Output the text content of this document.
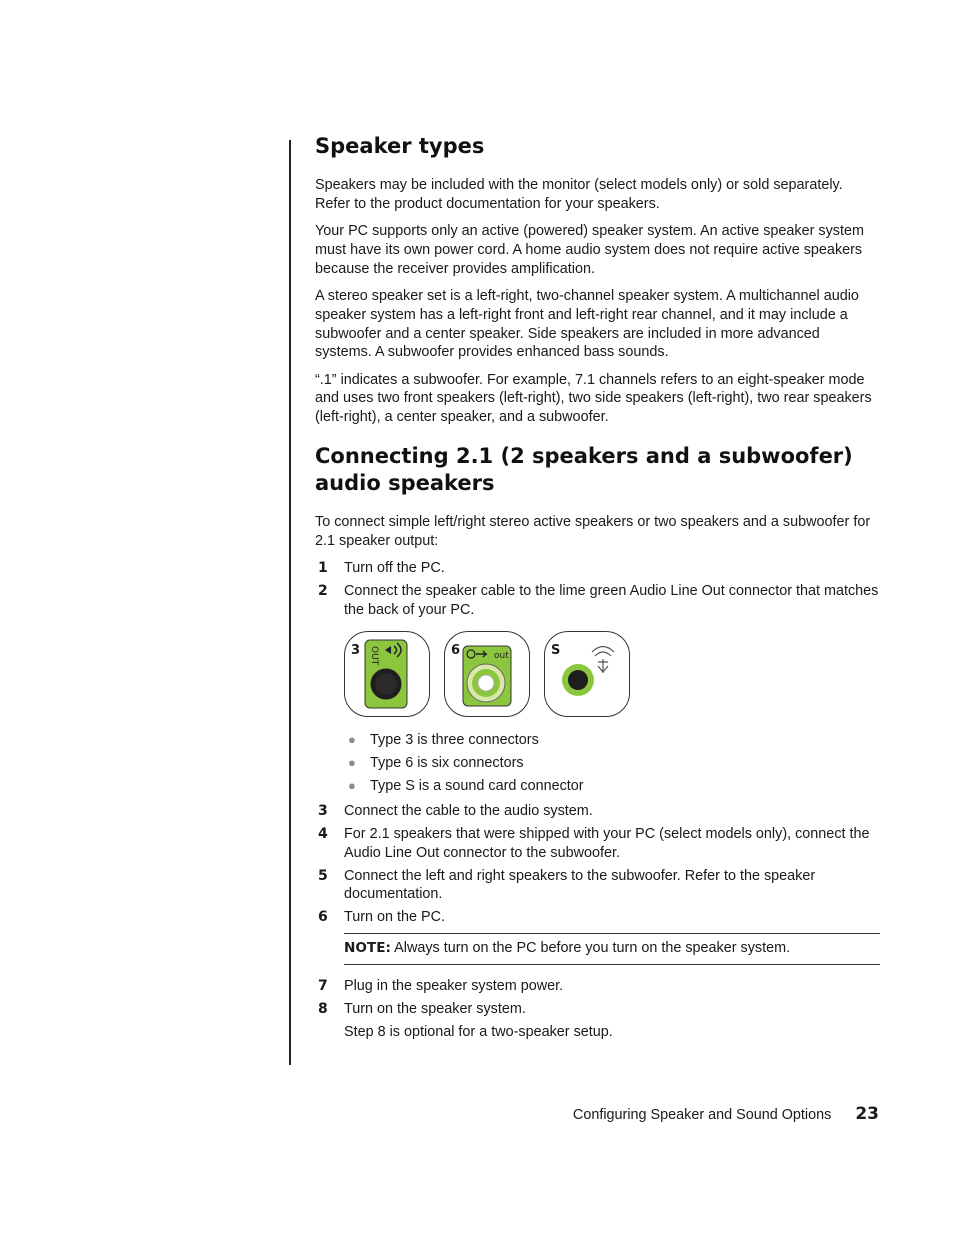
Speaker types

Speakers may be included with the monitor (select models only) or sold separately. Refer to the product documentation for your speakers.

Your PC supports only an active (powered) speaker system. An active speaker system must have its own power cord. A home audio system does not require active speakers because the receiver provides amplification.

A stereo speaker set is a left-right, two-channel speaker system. A multichannel audio speaker system has a left-right front and left-right rear channel, and it may include a subwoofer and a center speaker. Side speakers are included in more advanced systems. A subwoofer provides enhanced bass sounds.

“.1” indicates a subwoofer. For example, 7.1 channels refers to an eight-speaker mode and uses two front speakers (left-right), two side speakers (left-right), two rear speakers (left-right), a center speaker, and a subwoofer.

Connecting 2.1 (2 speakers and a subwoofer) audio speakers

To connect simple left/right stereo active speakers or two speakers and a subwoofer for 2.1 speaker output:

1	Turn off the PC.
2	Connect the speaker cable to the lime green Audio Line Out connector that matches the back of your PC.
3 OUT	6	out	S
● Type 3 is three connectors
● Type 6 is six connectors
● Type S is a sound card connector
3	Connect the cable to the audio system.
4	For 2.1 speakers that were shipped with your PC (select models only), connect the Audio Line Out connector to the subwoofer.
5	Connect the left and right speakers to the subwoofer. Refer to the speaker documentation.
6	Turn on the PC.
NOTE: Always turn on the PC before you turn on the speaker system.
7	Plug in the speaker system power.
8	Turn on the speaker system.
Step 8 is optional for a two-speaker setup.
Configuring Speaker and Sound Options 23
